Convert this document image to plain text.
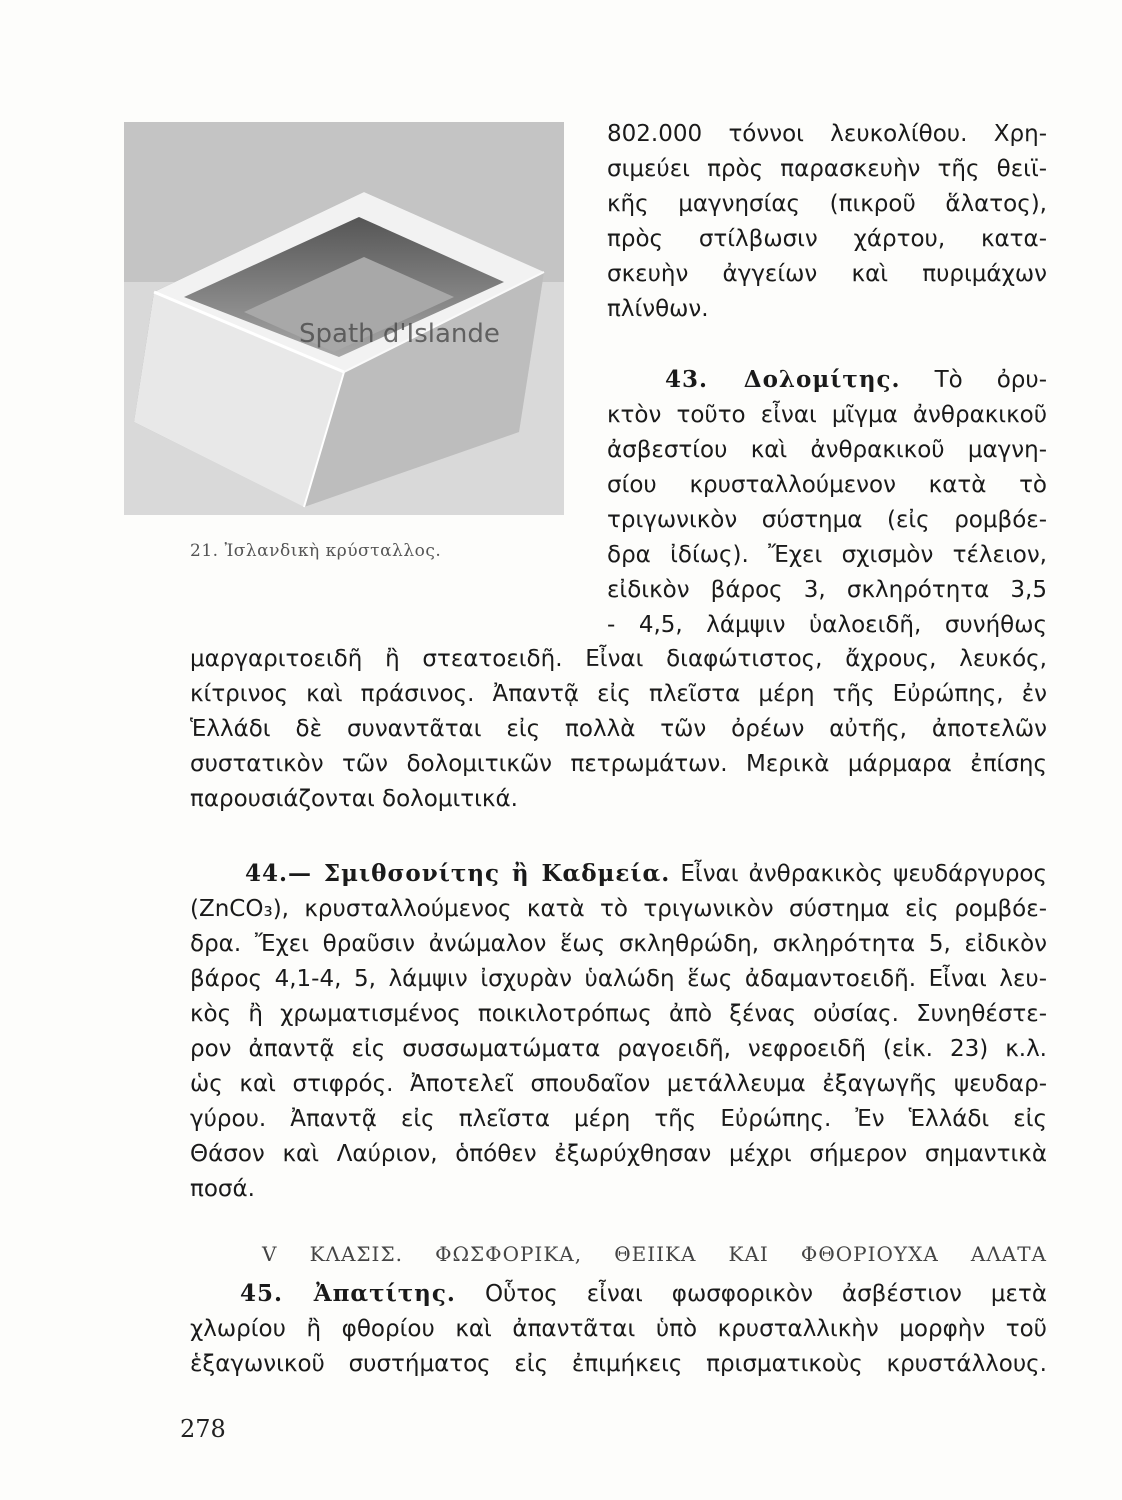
Spath d'Islande
21. Ἰσλανδικὴ κρύσταλλος.
802.000 τόννοι λευκολίθου. Χρη-
σιμεύει πρὸς παρασκευὴν τῆς θειϊ-
κῆς μαγνησίας (πικροῦ ἅλατος),
πρὸς στίλβωσιν χάρτου, κατα-
σκευὴν ἀγγείων καὶ πυριμάχων
πλίνθων.
43. Δολομίτης. Τὸ ὀρυ-
κτὸν τοῦτο εἶναι μῖγμα ἀνθρακικοῦ
ἀσβεστίου καὶ ἀνθρακικοῦ μαγνη-
σίου κρυσταλλούμενον κατὰ τὸ
τριγωνικὸν σύστημα (εἰς ρομβόε-
δρα ἰδίως). Ἔχει σχισμὸν τέλειον,
εἰδικὸν βάρος 3, σκληρότητα 3,5
- 4,5, λάμψιν ὑαλοειδῆ, συνήθως
μαργαριτοειδῆ ἢ στεατοειδῆ. Εἶναι διαφώτιστος, ἄχρους, λευκός,
κίτρινος καὶ πράσινος. Ἀπαντᾷ εἰς πλεῖστα μέρη τῆς Εὐρώπης, ἐν
Ἑλλάδι δὲ συναντᾶται εἰς πολλὰ τῶν ὀρέων αὐτῆς, ἀποτελῶν
συστατικὸν τῶν δολομιτικῶν πετρωμάτων. Μερικὰ μάρμαρα ἐπίσης
παρουσιάζονται δολομιτικά.
44.— Σμιθσονίτης ἢ Καδμεία. Εἶναι ἀνθρακικὸς ψευδάργυρος
(ZnCO₃), κρυσταλλούμενος κατὰ τὸ τριγωνικὸν σύστημα εἰς ρομβόε-
δρα. Ἔχει θραῦσιν ἀνώμαλον ἕως σκληθρώδη, σκληρότητα 5, εἰδικὸν
βάρος 4,1-4, 5, λάμψιν ἰσχυρὰν ὑαλώδη ἕως ἀδαμαντοειδῆ. Εἶναι λευ-
κὸς ἢ χρωματισμένος ποικιλοτρόπως ἀπὸ ξένας οὐσίας. Συνηθέστε-
ρον ἀπαντᾷ εἰς συσσωματώματα ραγοειδῆ, νεφροειδῆ (εἰκ. 23) κ.λ.
ὡς καὶ στιφρός. Ἀποτελεῖ σπουδαῖον μετάλλευμα ἐξαγωγῆς ψευδαρ-
γύρου. Ἀπαντᾷ εἰς πλεῖστα μέρη τῆς Εὐρώπης. Ἐν Ἑλλάδι εἰς
Θάσον καὶ Λαύριον, ὁπόθεν ἐξωρύχθησαν μέχρι σήμερον σημαντικὰ
ποσά.
V ΚΛΑΣΙΣ. ΦΩΣΦΟΡΙΚΑ, ΘΕΙΙΚΑ ΚΑΙ ΦΘΟΡΙΟΥΧΑ ΑΛΑΤΑ
45. Ἀπατίτης. Οὗτος εἶναι φωσφορικὸν ἀσβέστιον μετὰ
χλωρίου ἢ φθορίου καὶ ἀπαντᾶται ὑπὸ κρυσταλλικὴν μορφὴν τοῦ
ἑξαγωνικοῦ συστήματος εἰς ἐπιμήκεις πρισματικοὺς κρυστάλλους.
278
